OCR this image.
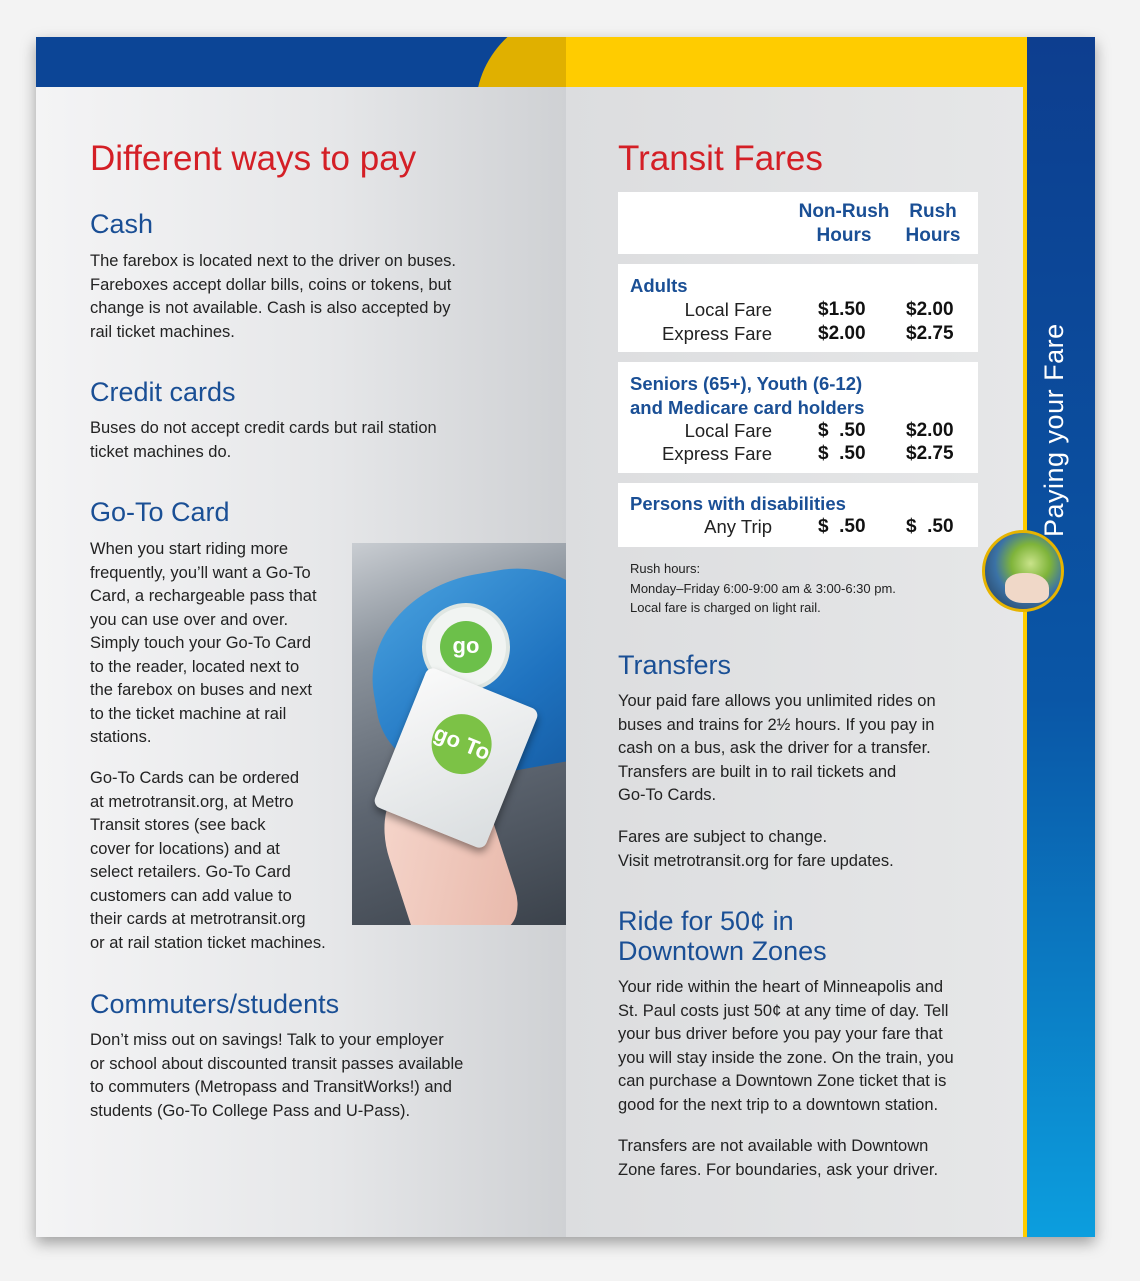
Different ways to pay
Cash

The farebox is located next to the driver on buses.
Fareboxes accept dollar bills, coins or tokens, but
change is not available. Cash is also accepted by
rail ticket machines.

Credit cards

Buses do not accept credit cards but rail station
ticket machines do.

Go-To Card

When you start riding more
frequently, you’ll want a Go-To
Card, a rechargeable pass that
you can use over and over.
Simply touch your Go-To Card
to the reader, located next to
the farebox on buses and next
to the ticket machine at rail
stations.

Go-To Cards can be ordered
at metrotransit.org, at Metro
Transit stores (see back
cover for locations) and at
select retailers. Go-To Card
customers can add value to
their cards at metrotransit.org
or at rail station ticket machines.

go
go To
Commuters/students

Don’t miss out on savings! Talk to your employer
or school about discounted transit passes available
to commuters (Metropass and TransitWorks!) and
students (Go-To College Pass and U-Pass).

Paying your Fare
Transit Fares
Non-Rush
Hours
Rush
Hours
Adults
Local Fare $1.50 $2.00
Express Fare $2.00 $2.75
Seniors (65+), Youth (6-12)
and Medicare card holders
Local Fare $  .50 $2.00
Express Fare $  .50 $2.75
Persons with disabilities
Any Trip $  .50 $  .50
Rush hours:
Monday–Friday 6:00-9:00 am & 3:00-6:30 pm.
Local fare is charged on light rail.
Transfers

Your paid fare allows you unlimited rides on
buses and trains for 2½ hours. If you pay in
cash on a bus, ask the driver for a transfer.
Transfers are built in to rail tickets and
Go-To Cards.

Fares are subject to change.
Visit metrotransit.org for fare updates.

Ride for 50¢ in
Downtown Zones

Your ride within the heart of Minneapolis and
St. Paul costs just 50¢ at any time of day. Tell
your bus driver before you pay your fare that
you will stay inside the zone. On the train, you
can purchase a Downtown Zone ticket that is
good for the next trip to a downtown station.

Transfers are not available with Downtown
Zone fares. For boundaries, ask your driver.
